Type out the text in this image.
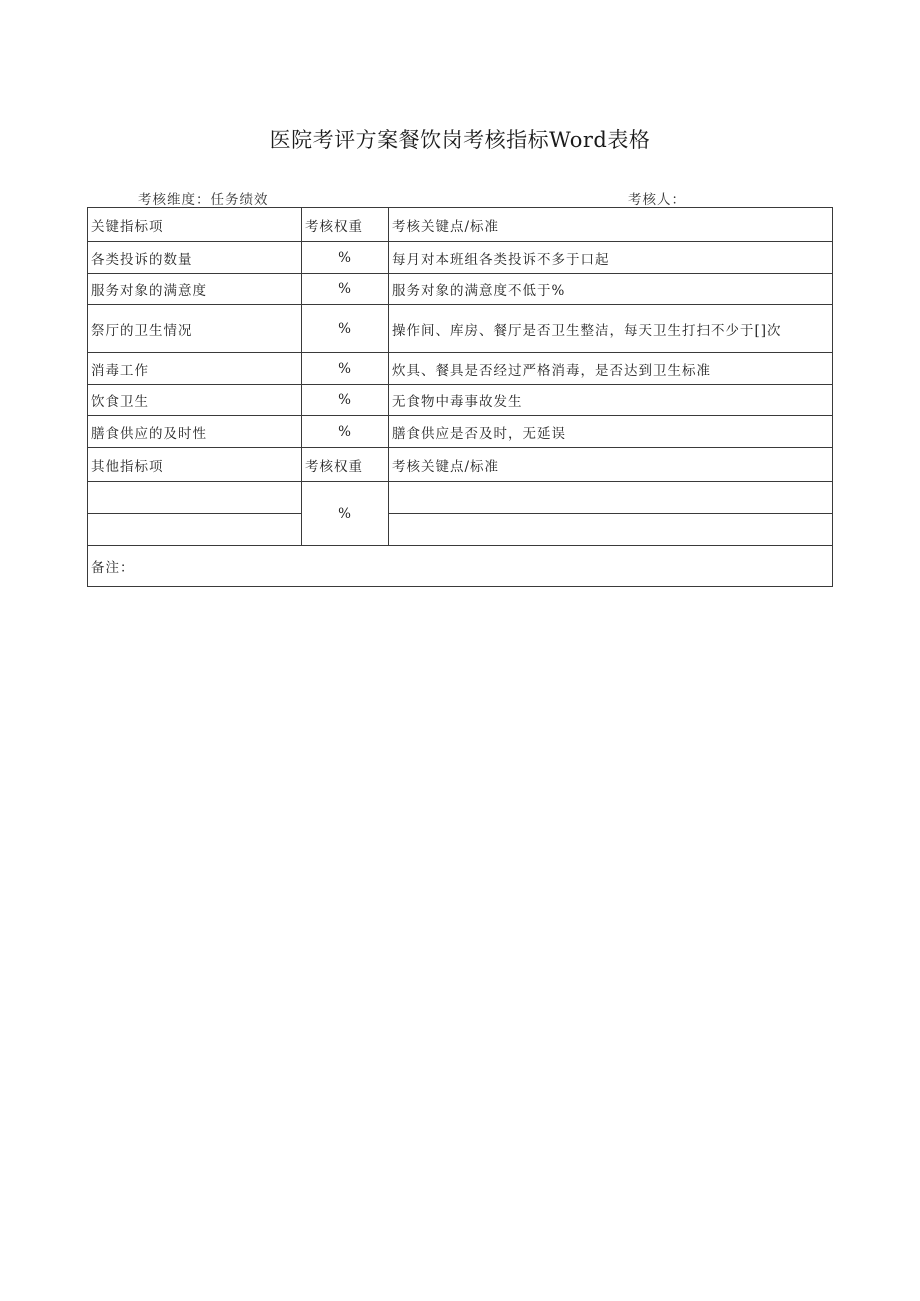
医院考评方案餐饮岗考核指标Word表格
考核维度：任务绩效	考核人：
关键指标项	考核权重	考核关键点/标准
各类投诉的数量	%	每月对本班组各类投诉不多于口起
服务对象的满意度	%	服务对象的满意度不低于%
祭厅的卫生情况	%	操作间、库房、餐厅是否卫生整洁，每天卫生打扫不少于[]次
消毒工作	%	炊具、餐具是否经过严格消毒，是否达到卫生标准
饮食卫生	%	无食物中毒事故发生
膳食供应的及时性	%	膳食供应是否及时，无延误
其他指标项	考核权重	考核关键点/标准
	%	

备注：		
